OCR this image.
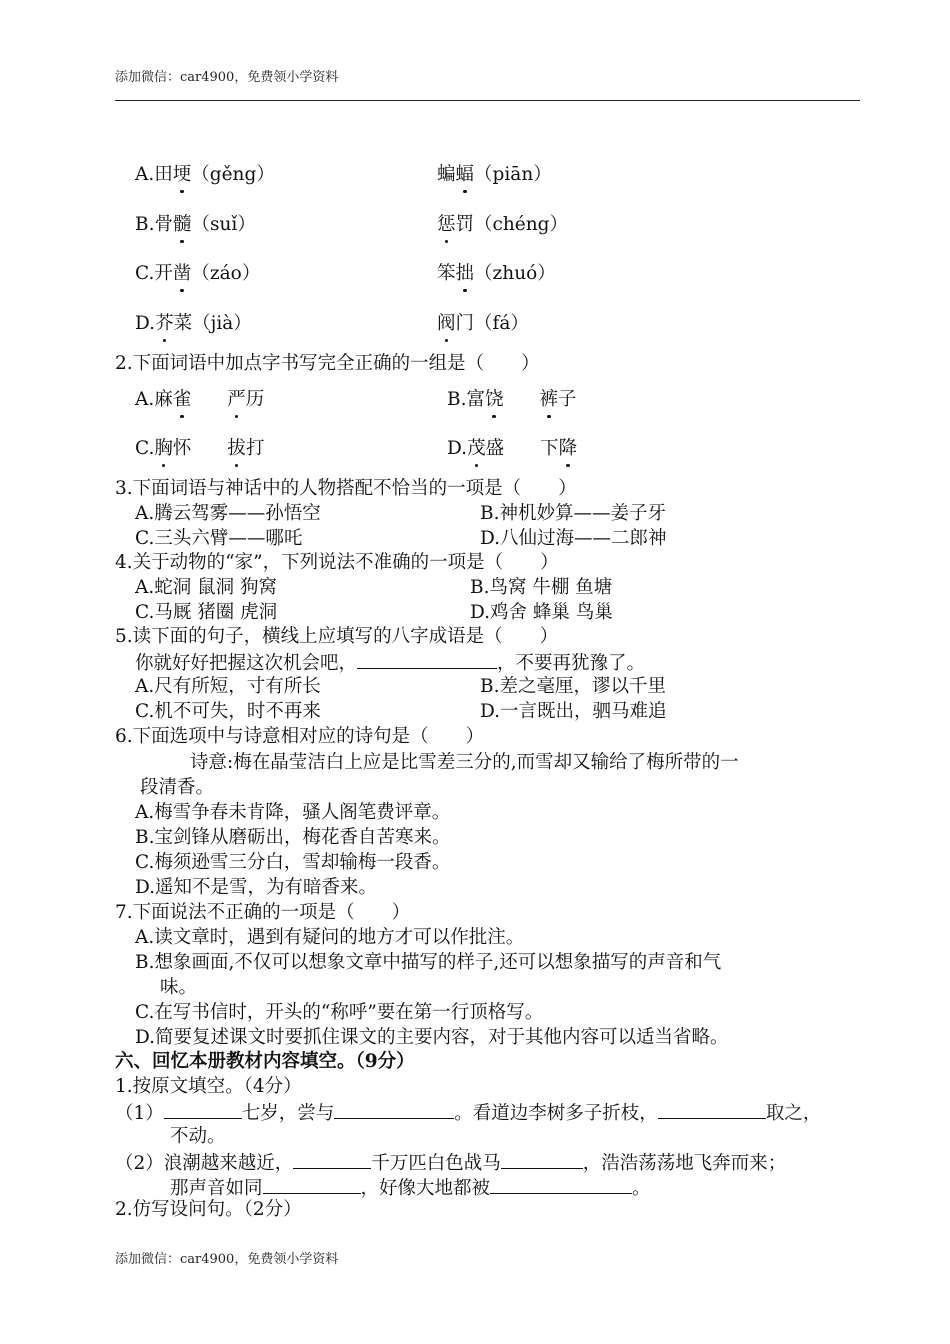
添加微信：car4900，免费领小学资料
A.田埂（gěng）	蝙蝠（piān）
B.骨髓（suǐ）	惩罚（chéng）
C.开凿（záo）	笨拙（zhuó）
D.芥菜（jià）	阀门（fá）
2.下面词语中加点字书写完全正确的一组是（　　）
A.麻雀 严历	B.富饶 裤子
C.胸怀 拔打	D.茂盛 下降
3.下面词语与神话中的人物搭配不恰当的一项是（　　）
A.腾云驾雾——孙悟空	B.神机妙算——姜子牙
C.三头六臂——哪吒	D.八仙过海——二郎神
4.关于动物的“家”，下列说法不准确的一项是（　　）
A.蛇洞 鼠洞 狗窝	B.鸟窝 牛棚 鱼塘
C.马厩 猪圈 虎洞	D.鸡舍 蜂巢 鸟巢
5.读下面的句子，横线上应填写的八字成语是（　　）
你就好好把握这次机会吧，	，不要再犹豫了。
A.尺有所短，寸有所长	B.差之毫厘，谬以千里
C.机不可失，时不再来	D.一言既出，驷马难追
6.下面选项中与诗意相对应的诗句是（　　）
诗意:梅在晶莹洁白上应是比雪差三分的,而雪却又输给了梅所带的一
段清香。
A.梅雪争春未肯降，骚人阁笔费评章。
B.宝剑锋从磨砺出，梅花香自苦寒来。
C.梅须逊雪三分白，雪却输梅一段香。
D.遥知不是雪，为有暗香来。
7.下面说法不正确的一项是（　　）
A.读文章时，遇到有疑问的地方才可以作批注。
B.想象画面,不仅可以想象文章中描写的样子,还可以想象描写的声音和气
味。
C.在写书信时，开头的“称呼”要在第一行顶格写。
D.简要复述课文时要抓住课文的主要内容，对于其他内容可以适当省略。
六、回忆本册教材内容填空。（9分）
1.按原文填空。（4分）
（1）	七岁，尝与	。看道边李树多子折枝，	取之，
不动。
（2）浪潮越来越近，	千万匹白色战马	，浩浩荡荡地飞奔而来；
那声音如同	，好像大地都被	。
2.仿写设问句。（2分）
添加微信：car4900，免费领小学资料
